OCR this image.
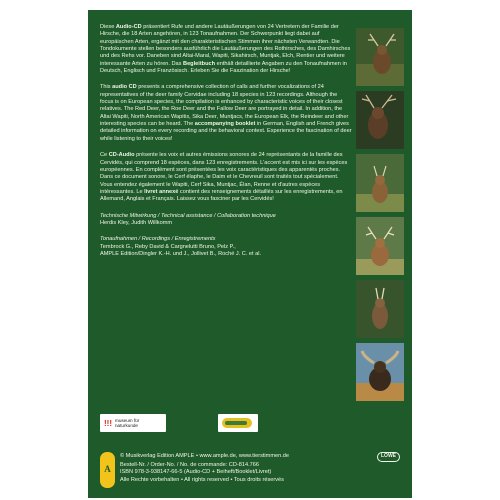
Diese Audio-CD präsentiert Rufe und andere Lautäußerungen von 24 Vertretern der Familie der Hirsche, die 18 Arten angehören, in 123 Tonaufnahmen. Der Schwerpunkt liegt dabei auf europäischen Arten, ergänzt mit den charakteristischen Stimmen ihrer nächsten Verwandten. Die Tondokumente stellen besonders ausführlich die Lautäußerungen des Rothirsches, des Damhirsches und des Rehs vor. Daneben sind Altai-Maral, Wapiti, Sikahirsch, Muntjak, Elch, Rentier und weitere interessante Arten zu hören. Das Begleitbuch enthält detaillierte Angaben zu den Tonaufnahmen in Deutsch, Englisch und Französisch. Erleben Sie die Faszination der Hirsche!

This audio CD presents a comprehensive collection of calls and further vocalizations of 24 representatives of the deer family Cervidae including 18 species in 123 recordings. Although the focus is on European species, the compilation is enhanced by characteristic voices of their closest relatives. The Red Deer, the Roe Deer and the Fallow Deer are portrayed in detail. In addition, the Altai Wapiti, North American Wapitis, Sika Deer, Muntjacs, the European Elk, the Reindeer and other interesting species can be heard. The accompanying booklet in German, English and French gives detailed information on every recording and the behavioral context. Experience the fascination of deer while listening to their voices!

Ce CD-Audio présente les voix et autres émissions sonores de 24 représentants de la famille des Cervidés, qui comprend 18 espèces, dans 123 enregistrements. L'accent est mis ici sur les espèces européennes. En complément sont présentées les voix caractéristiques des apparentés proches. Dans ce document sonore, le Cerf élaphe, le Daim et le Chevreuil sont traités tout spécialement. Vous entendez également le Wapiti, Cerf Sika, Muntjac, Élan, Renne et d'autres espèces intéressantes. Le livret annexé contient des renseignements détaillés sur les enregistrements, en Allemand, Anglais et Français. Laissez vous fasciner par les Cervidés!

Technische Mitwirkung / Technical assistance / Collaboration technique

Herdis Kley, Judith Willkomm

Tonaufnahmen / Recordings / Enregistrements

Tembrock G., Reby David & Cargnelutti Bruno, Pelz P.,

AMPLE Edition/Dingler K.-H. und J., Jollivet B., Roché J. C. et al.

!!! museum für naturkunde
A
© Musikverlag Edition AMPLE • www.ample.de, www.tierstimmen.de	LÖWE
Bestell-Nr. / Order-No. / No. de commande: CD-814.766
ISBN 978-3-938147-66-5 (Audio-CD + Beiheft/Booklet/Livret)
Alle Rechte vorbehalten • All rights reserved • Tous droits réservés
